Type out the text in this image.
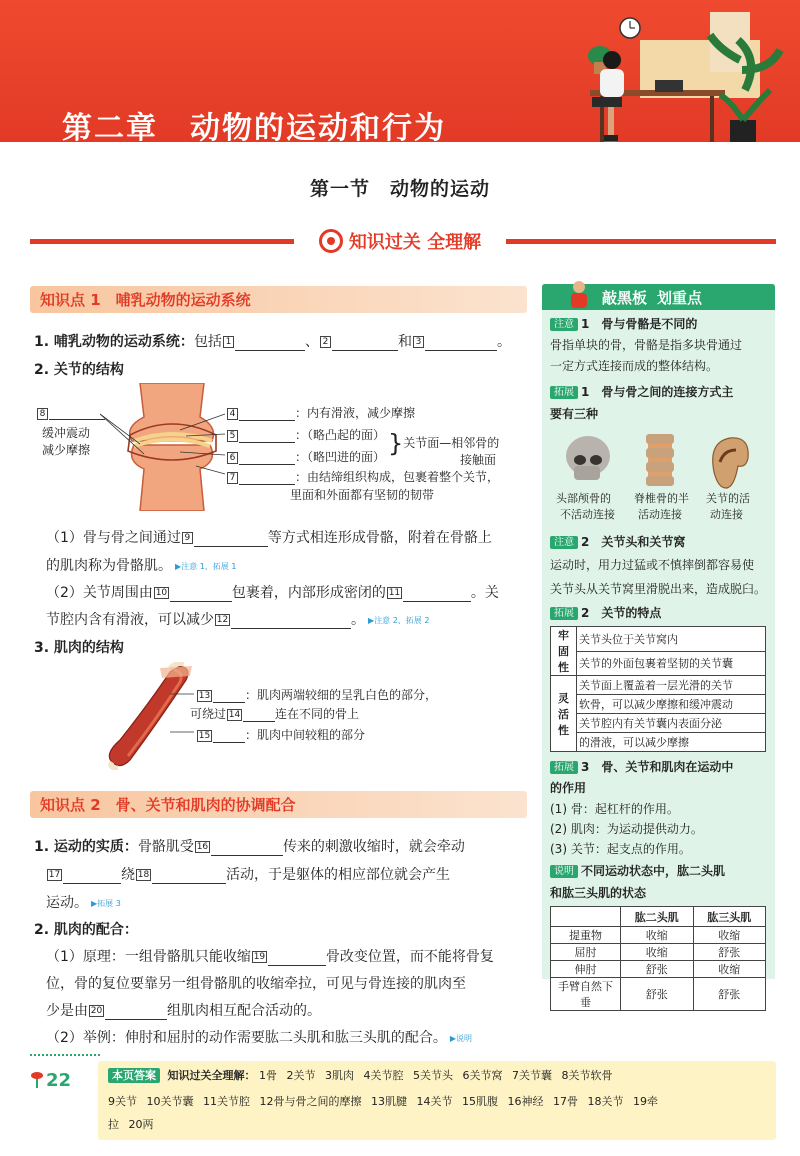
第二章　动物的运动和行为
第一节　动物的运动
知识过关 全理解
知识点 1　哺乳动物的运动系统
1. 哺乳动物的运动系统：包括 1	、 2	和 3	。
2. 关节的结构
8
缓冲震动
减少摩擦
4	：内有滑液，减少摩擦
5	：（略凸起的面） }关节面—相邻骨的
接触面
6	：（略凹进的面）
7	：由结缔组织构成，包裹着整个关节，
里面和外面都有坚韧的韧带
（1）骨与骨之间通过 9	等方式相连形成骨骼，附着在骨骼上
的肌肉称为骨骼肌。 ▶注意 1、拓展 1
（2）关节周围由 10	包裹着，内部形成密闭的 11	。关
节腔内含有滑液，可以减少 12	。 ▶注意 2、拓展 2
3. 肌肉的结构
13	：肌肉两端较细的呈乳白色的部分，
可绕过 14	连在不同的骨上
15	：肌肉中间较粗的部分
知识点 2　骨、关节和肌肉的协调配合
1. 运动的实质：骨骼肌受 16	传来的刺激收缩时，就会牵动
17	绕 18	活动，于是躯体的相应部位就会产生
运动。 ▶拓展 3
2. 肌肉的配合：
（1）原理：一组骨骼肌只能收缩 19	骨改变位置，而不能将骨复
位，骨的复位要靠另一组骨骼肌的收缩牵拉，可见与骨连接的肌肉至
少是由 20	组肌肉相互配合活动的。
（2）举例：伸肘和屈肘的动作需要肱二头肌和肱三头肌的配合。 ▶说明
敲黑板 划重点
注意 1　骨与骨骼是不同的
骨指单块的骨，骨骼是指多块骨通过
一定方式连接而成的整体结构。
拓展 1　骨与骨之间的连接方式主
要有三种
头部颅骨的
不活动连接
脊椎骨的半
活动连接
关节的活
动连接
注意 2　关节头和关节窝
运动时，用力过猛或不慎摔倒都容易使
关节头从关节窝里滑脱出来，造成脱臼。
拓展 2　关节的特点
牢固性	关节头位于关节窝内
	关节的外面包裹着坚韧的关节囊
灵活性	关节面上覆盖着一层光滑的关节
	软骨，可以减少摩擦和缓冲震动
	关节腔内有关节囊内表面分泌
	的滑液，可以减少摩擦
拓展 3　骨、关节和肌肉在运动中
的作用
(1) 骨：起杠杆的作用。
(2) 肌肉：为运动提供动力。
(3) 关节：起支点的作用。
说明 不同运动状态中，肱二头肌
和肱三头肌的状态
	肱二头肌	肱三头肌
提重物	收缩	收缩
屈肘	收缩	舒张
伸肘	舒张	收缩
手臂自然下垂	舒张	舒张
22	本页答案 知识过关全理解： 1骨 2关节 3肌肉 4关节腔 5关节头 6关节窝 7关节囊 8关节软骨
9关节 10关节囊 11关节腔 12骨与骨之间的摩擦 13肌腱 14关节 15肌腹 16神经 17骨 18关节 19牵
拉 20两
